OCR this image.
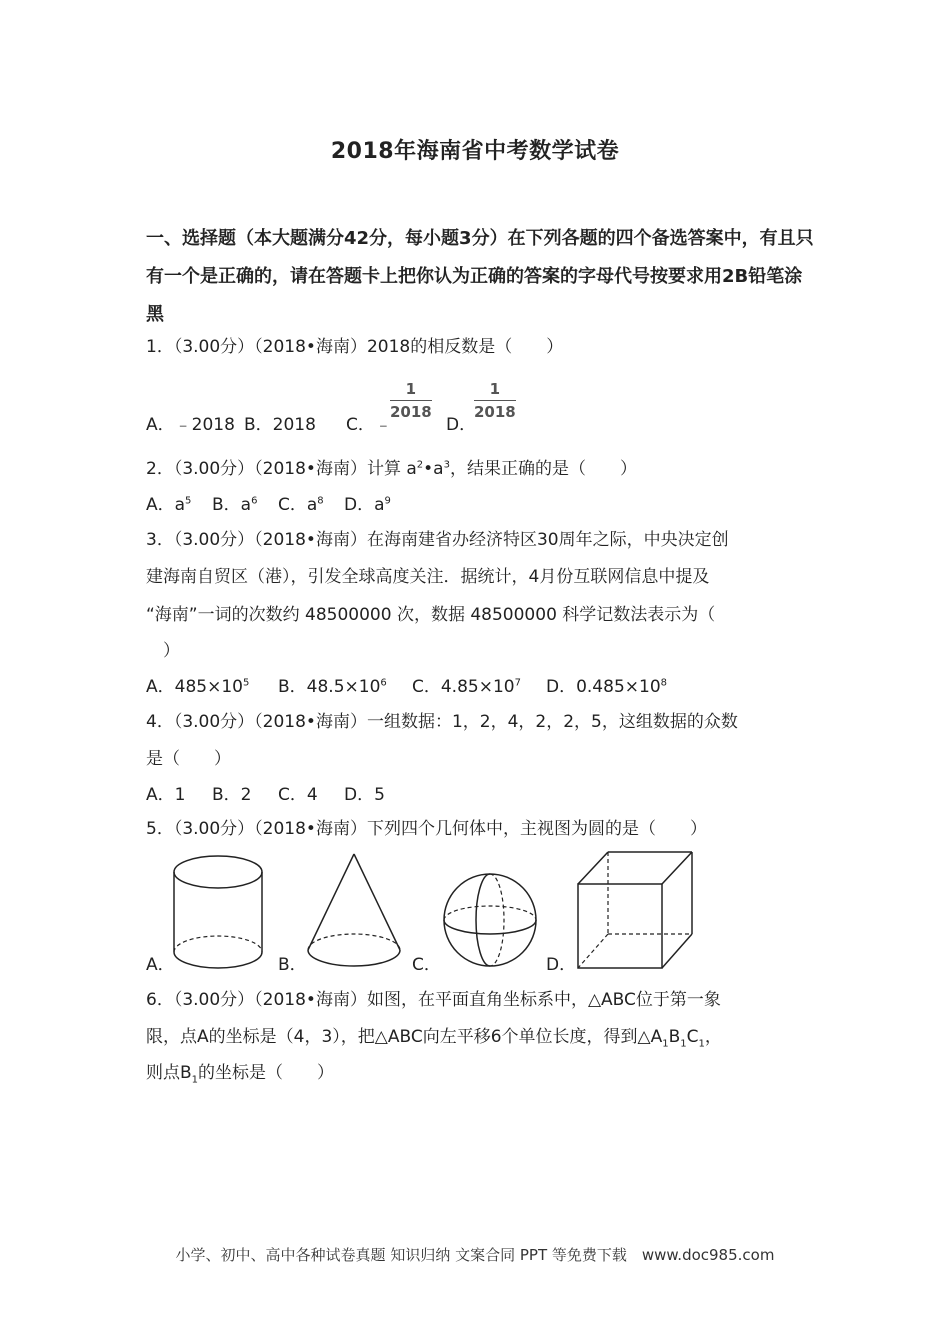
2018年海南省中考数学试卷
一、选择题（本大题满分42分，每小题3分）在下列各题的四个备选答案中，有且只有一个是正确的，请在答题卡上把你认为正确的答案的字母代号按要求用2B铅笔涂黑
1．（3.00分）（2018•海南）2018的相反数是（　　）
A．﹣2018 B．2018 C．﹣
$\frac{1}{2018}$
D．
$\frac{1}{2018}$
2．（3.00分）（2018•海南）计算 $a^2•a^3$，结果正确的是（　　）
A．$a^5$ B．$a^6$ C．$a^8$ D．$a^9$
3．（3.00分）（2018•海南）在海南建省办经济特区30周年之际，中央决定创
建海南自贸区（港），引发全球高度关注．据统计，4月份互联网信息中提及
“海南”一词的次数约 48500000 次，数据 48500000 科学记数法表示为（
　）
A．$485\times 10^5$ B．$48.5\times 10^6$ C．$4.85\times 10^7$ D．$0.485\times 10^8$
4．（3.00分）（2018•海南）一组数据：1，2，4，2，2，5，这组数据的众数
是（　　）
A．1 B．2 C．4 D．5
5．（3.00分）（2018•海南）下列四个几何体中，主视图为圆的是（　　）
A．	B．	C．	D．
6．（3.00分）（2018•海南）如图，在平面直角坐标系中，△ABC位于第一象
限，点A的坐标是（4，3），把△ABC向左平移6个单位长度，得到$\triangle A_1B_1C_1$，
则点$B_1$的坐标是（　　）
小学、初中、高中各种试卷真题 知识归纳 文案合同 PPT 等免费下载　www.doc985.com
